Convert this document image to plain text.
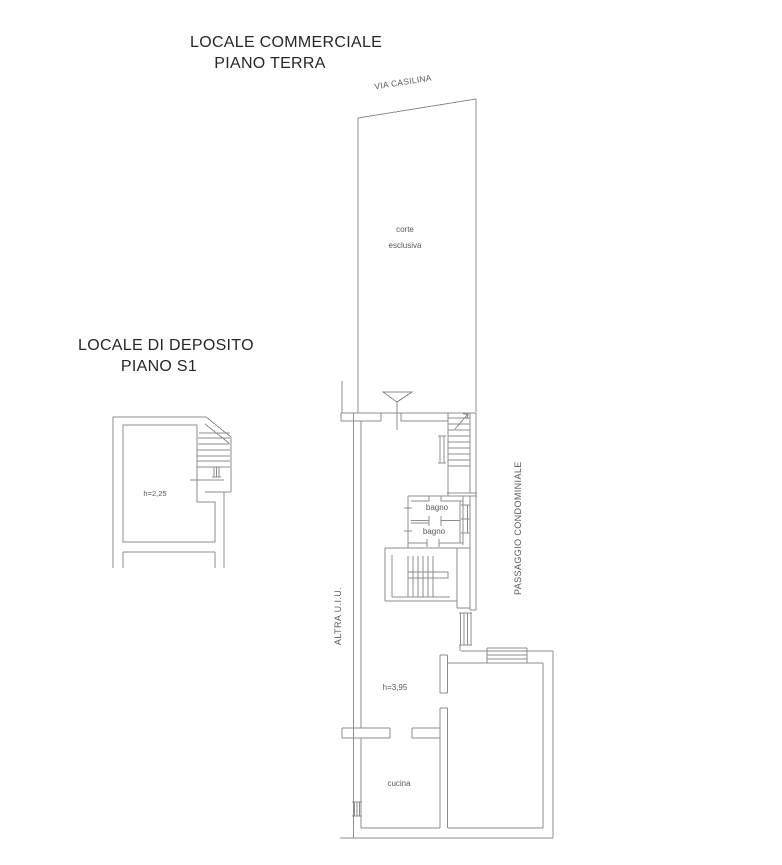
LOCALE COMMERCIALE
PIANO TERRA
LOCALE DI DEPOSITO
PIANO S1
VIA CASILINA
corte
esclusiva
h=2,25
bagno
bagno
ALTRA U.I.U.
PASSAGGIO CONDOMINIALE
h=3,95
cucina
